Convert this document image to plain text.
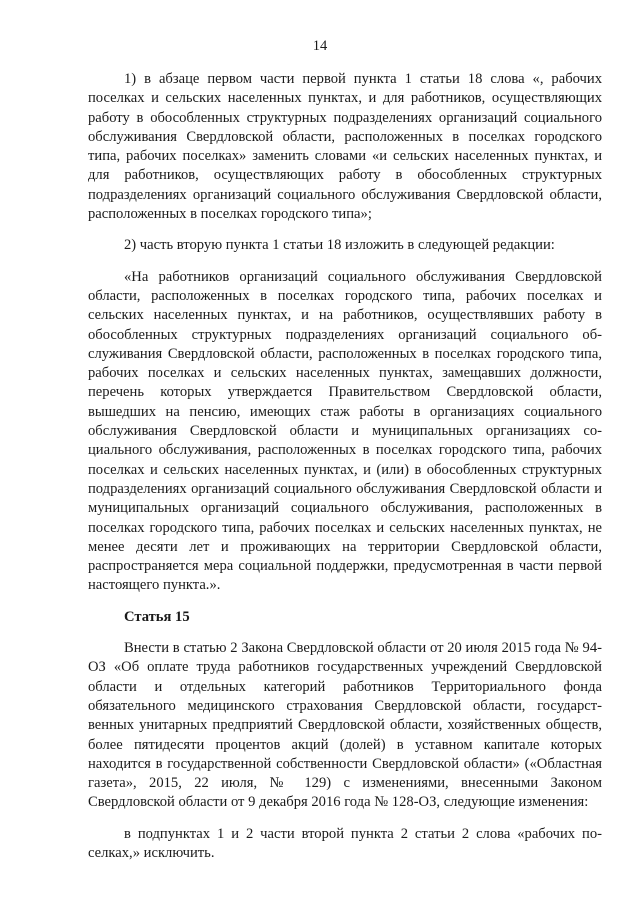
14

1) в абзаце первом части первой пункта 1 статьи 18 слова «, рабочих поселках и сельских населенных пунктах, и для работников, осуществляющих работу в обособленных структурных подразделениях организаций социального обслуживания Свердловской области, расположенных в поселках городского типа, рабочих поселках» заменить словами «и сельских населенных пунктах, и для работников, осуществляющих работу в обособленных структурных подразделениях организаций социального обслуживания Свердловской области, расположенных в поселках городского типа»;

2) часть вторую пункта 1 статьи 18 изложить в следующей редакции:

«На работников организаций социального обслуживания Свердловской области, расположенных в поселках городского типа, рабочих поселках и сельских населенных пунктах, и на работников, осуществлявших работу в обособленных структурных подразделениях организаций социального обслуживания Свердловской области, расположенных в поселках городского типа, рабочих поселках и сельских населенных пунктах, замещавших должности, перечень которых утверждается Правительством Свердловской области, вышедших на пенсию, имеющих стаж работы в организациях социального обслуживания Свердловской области и муниципальных организациях социального обслуживания, расположенных в поселках городского типа, рабочих поселках и сельских населенных пунктах, и (или) в обособленных структурных подразделениях организаций социального обслуживания Свердловской области и муниципальных организаций социального обслуживания, расположенных в поселках городского типа, рабочих поселках и сельских населенных пунктах, не менее десяти лет и проживающих на территории Свердловской области, распространяется мера социальной поддержки, предусмотренная в части первой настоящего пункта.».

Статья 15

Внести в статью 2 Закона Свердловской области от 20 июля 2015 года № 94-ОЗ «Об оплате труда работников государственных учреждений Свердловской области и отдельных категорий работников Территориального фонда обязательного медицинского страхования Свердловской области, государственных унитарных предприятий Свердловской области, хозяйственных обществ, более пятидесяти процентов акций (долей) в уставном капитале которых находится в государственной собственности Свердловской области» («Областная газета», 2015, 22 июля, № 129) с изменениями, внесенными Законом Свердловской области от 9 декабря 2016 года № 128-ОЗ, следующие изменения:

в подпунктах 1 и 2 части второй пункта 2 статьи 2 слова «рабочих поселках,» исключить.
